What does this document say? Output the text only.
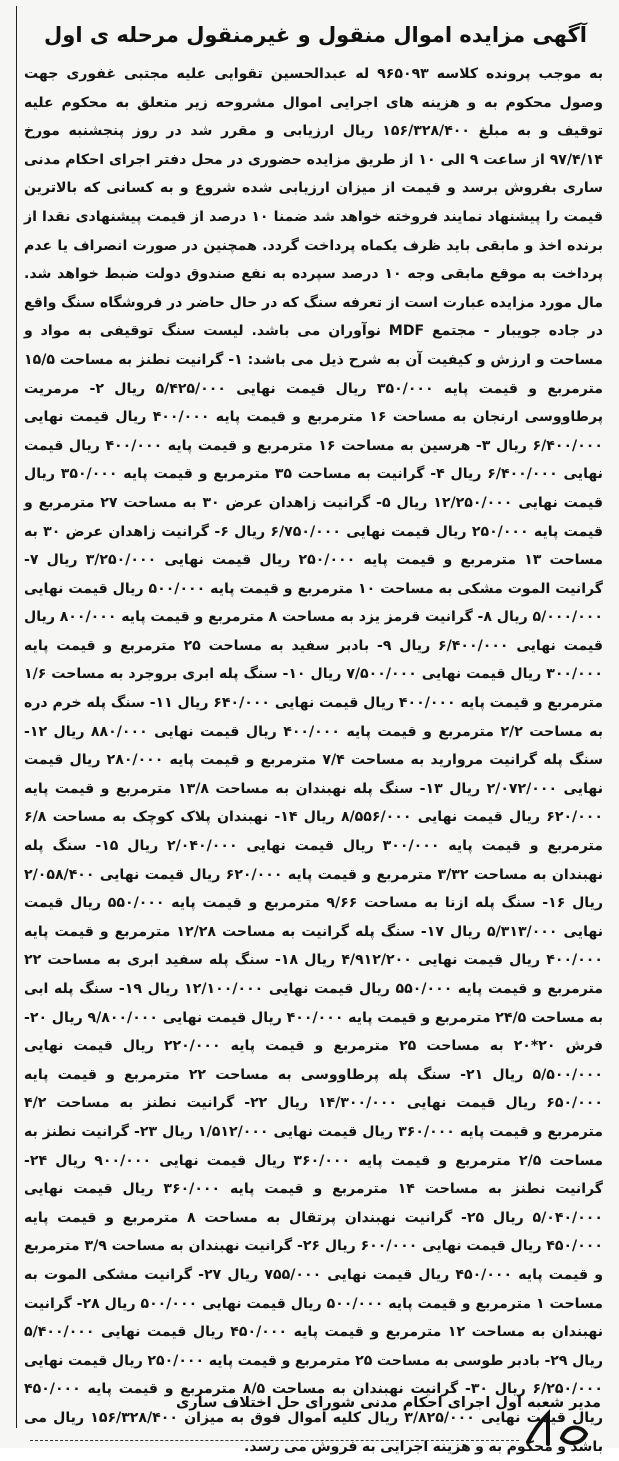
آگهی مزایده اموال منقول و غیرمنقول مرحله ی اول
به موجب پرونده کلاسه ۹۶۵۰۹۳ له عبدالحسین تقوایی علیه مجتبی غفوری جهت وصول محکوم به و هزینه های اجرایی اموال مشروحه زیر متعلق به محکوم علیه توقیف و به مبلغ ۱۵۶/۳۲۸/۴۰۰ ریال ارزیابی و مقرر شد در روز پنجشنبه مورخ ۹۷/۴/۱۴ از ساعت ۹ الی ۱۰ از طریق مزایده حضوری در محل دفتر اجرای احکام مدنی ساری بفروش برسد و قیمت از میزان ارزیابی شده شروع و به کسانی که بالاترین قیمت را پیشنهاد نمایند فروخته خواهد شد ضمنا ۱۰ درصد از قیمت پیشنهادی نقدا از برنده اخذ و مابقی باید ظرف یکماه پرداخت گردد. همچنین در صورت انصراف یا عدم پرداخت به موقع مابقی وجه ۱۰ درصد سپرده به نفع صندوق دولت ضبط خواهد شد. مال مورد مزایده عبارت است از تعرفه سنگ که در حال حاضر در فروشگاه سنگ واقع در جاده جویبار - مجتمع MDF نوآوران می باشد. لیست سنگ توقیفی به مواد و مساحت و ارزش و کیفیت آن به شرح ذیل می باشد: ۱- گرانیت نطنز به مساحت ۱۵/۵ مترمربع و قیمت پایه ۳۵۰/۰۰۰ ریال قیمت نهایی ۵/۴۲۵/۰۰۰ ریال ۲- مرمریت پرطاووسی ارنجان به مساحت ۱۶ مترمربع و قیمت پایه ۴۰۰/۰۰۰ ریال قیمت نهایی ۶/۴۰۰/۰۰۰ ریال ۳- هرسین به مساحت ۱۶ مترمربع و قیمت پایه ۴۰۰/۰۰۰ ریال قیمت نهایی ۶/۴۰۰/۰۰۰ ریال ۴- گرانیت به مساحت ۳۵ مترمربع و قیمت پایه ۳۵۰/۰۰۰ ریال قیمت نهایی ۱۲/۲۵۰/۰۰۰ ریال ۵- گرانیت زاهدان عرض ۳۰ به مساحت ۲۷ مترمربع و قیمت پایه ۲۵۰/۰۰۰ ریال قیمت نهایی ۶/۷۵۰/۰۰۰ ریال ۶- گرانیت زاهدان عرض ۳۰ به مساحت ۱۳ مترمربع و قیمت پایه ۲۵۰/۰۰۰ ریال قیمت نهایی ۳/۲۵۰/۰۰۰ ریال ۷- گرانیت الموت مشکی به مساحت ۱۰ مترمربع و قیمت پایه ۵۰۰/۰۰۰ ریال قیمت نهایی ۵/۰۰۰/۰۰۰ ریال ۸- گرانیت قرمز یزد به مساحت ۸ مترمربع و قیمت پایه ۸۰۰/۰۰۰ ریال قیمت نهایی ۶/۴۰۰/۰۰۰ ریال ۹- بادبر سفید به مساحت ۲۵ مترمربع و قیمت پایه ۳۰۰/۰۰۰ ریال قیمت نهایی ۷/۵۰۰/۰۰۰ ریال ۱۰- سنگ پله ابری بروجرد به مساحت ۱/۶ مترمربع و قیمت پایه ۴۰۰/۰۰۰ ریال قیمت نهایی ۶۴۰/۰۰۰ ریال ۱۱- سنگ پله خرم دره به مساحت ۲/۲ مترمربع و قیمت پایه ۴۰۰/۰۰۰ ریال قیمت نهایی ۸۸۰/۰۰۰ ریال ۱۲- سنگ پله گرانیت مروارید به مساحت ۷/۴ مترمربع و قیمت پایه ۲۸۰/۰۰۰ ریال قیمت نهایی ۲/۰۷۲/۰۰۰ ریال ۱۳- سنگ پله نهبندان به مساحت ۱۳/۸ مترمربع و قیمت پایه ۶۲۰/۰۰۰ ریال قیمت نهایی ۸/۵۵۶/۰۰۰ ریال ۱۴- نهبندان پلاک کوچک به مساحت ۶/۸ مترمربع و قیمت پایه ۳۰۰/۰۰۰ ریال قیمت نهایی ۲/۰۴۰/۰۰۰ ریال ۱۵- سنگ پله نهبندان به مساحت ۳/۳۲ مترمربع و قیمت پایه ۶۲۰/۰۰۰ ریال قیمت نهایی ۲/۰۵۸/۴۰۰ ریال ۱۶- سنگ پله ازنا به مساحت ۹/۶۶ مترمربع و قیمت پایه ۵۵۰/۰۰۰ ریال قیمت نهایی ۵/۳۱۳/۰۰۰ ریال ۱۷- سنگ پله گرانیت به مساحت ۱۲/۲۸ مترمربع و قیمت پایه ۴۰۰/۰۰۰ ریال قیمت نهایی ۴/۹۱۲/۲۰۰ ریال ۱۸- سنگ پله سفید ابری به مساحت ۲۲ مترمربع و قیمت پایه ۵۵۰/۰۰۰ ریال قیمت نهایی ۱۲/۱۰۰/۰۰۰ ریال ۱۹- سنگ پله ابی به مساحت ۲۴/۵ مترمربع و قیمت پایه ۴۰۰/۰۰۰ ریال قیمت نهایی ۹/۸۰۰/۰۰۰ ریال ۲۰- فرش ۲۰*۲۰ به مساحت ۲۵ مترمربع و قیمت پایه ۲۲۰/۰۰۰ ریال قیمت نهایی ۵/۵۰۰/۰۰۰ ریال ۲۱- سنگ پله پرطاووسی به مساحت ۲۲ مترمربع و قیمت پایه ۶۵۰/۰۰۰ ریال قیمت نهایی ۱۴/۳۰۰/۰۰۰ ریال ۲۲- گرانیت نطنز به مساحت ۴/۲ مترمربع و قیمت پایه ۳۶۰/۰۰۰ ریال قیمت نهایی ۱/۵۱۲/۰۰۰ ریال ۲۳- گرانیت نطنز به مساحت ۲/۵ مترمربع و قیمت پایه ۳۶۰/۰۰۰ ریال قیمت نهایی ۹۰۰/۰۰۰ ریال ۲۴- گرانیت نطنز به مساحت ۱۴ مترمربع و قیمت پایه ۳۶۰/۰۰۰ ریال قیمت نهایی ۵/۰۴۰/۰۰۰ ریال ۲۵- گرانیت نهبندان پرتقال به مساحت ۸ مترمربع و قیمت پایه ۴۵۰/۰۰۰ ریال قیمت نهایی ۶۰۰/۰۰۰ ریال ۲۶- گرانیت نهبندان به مساحت ۳/۹ مترمربع و قیمت پایه ۴۵۰/۰۰۰ ریال قیمت نهایی ۷۵۵/۰۰۰ ریال ۲۷- گرانیت مشکی الموت به مساحت ۱ مترمربع و قیمت پایه ۵۰۰/۰۰۰ ریال قیمت نهایی ۵۰۰/۰۰۰ ریال ۲۸- گرانیت نهبندان به مساحت ۱۲ مترمربع و قیمت پایه ۴۵۰/۰۰۰ ریال قیمت نهایی ۵/۴۰۰/۰۰۰ ریال ۲۹- بادبر طوسی به مساحت ۲۵ مترمربع و قیمت پایه ۲۵۰/۰۰۰ ریال قیمت نهایی ۶/۲۵۰/۰۰۰ ریال ۳۰- گرانیت نهبندان به مساحت ۸/۵ مترمربع و قیمت پایه ۴۵۰/۰۰۰ ریال قیمت نهایی ۳/۸۲۵/۰۰۰ ریال کلیه اموال فوق به میزان ۱۵۶/۳۲۸/۴۰۰ ریال می باشد و محکوم به و هزینه اجرایی به فروش می رسد.
مدیر شعبه اول اجرای احکام مدنی شورای حل اختلاف ساری
